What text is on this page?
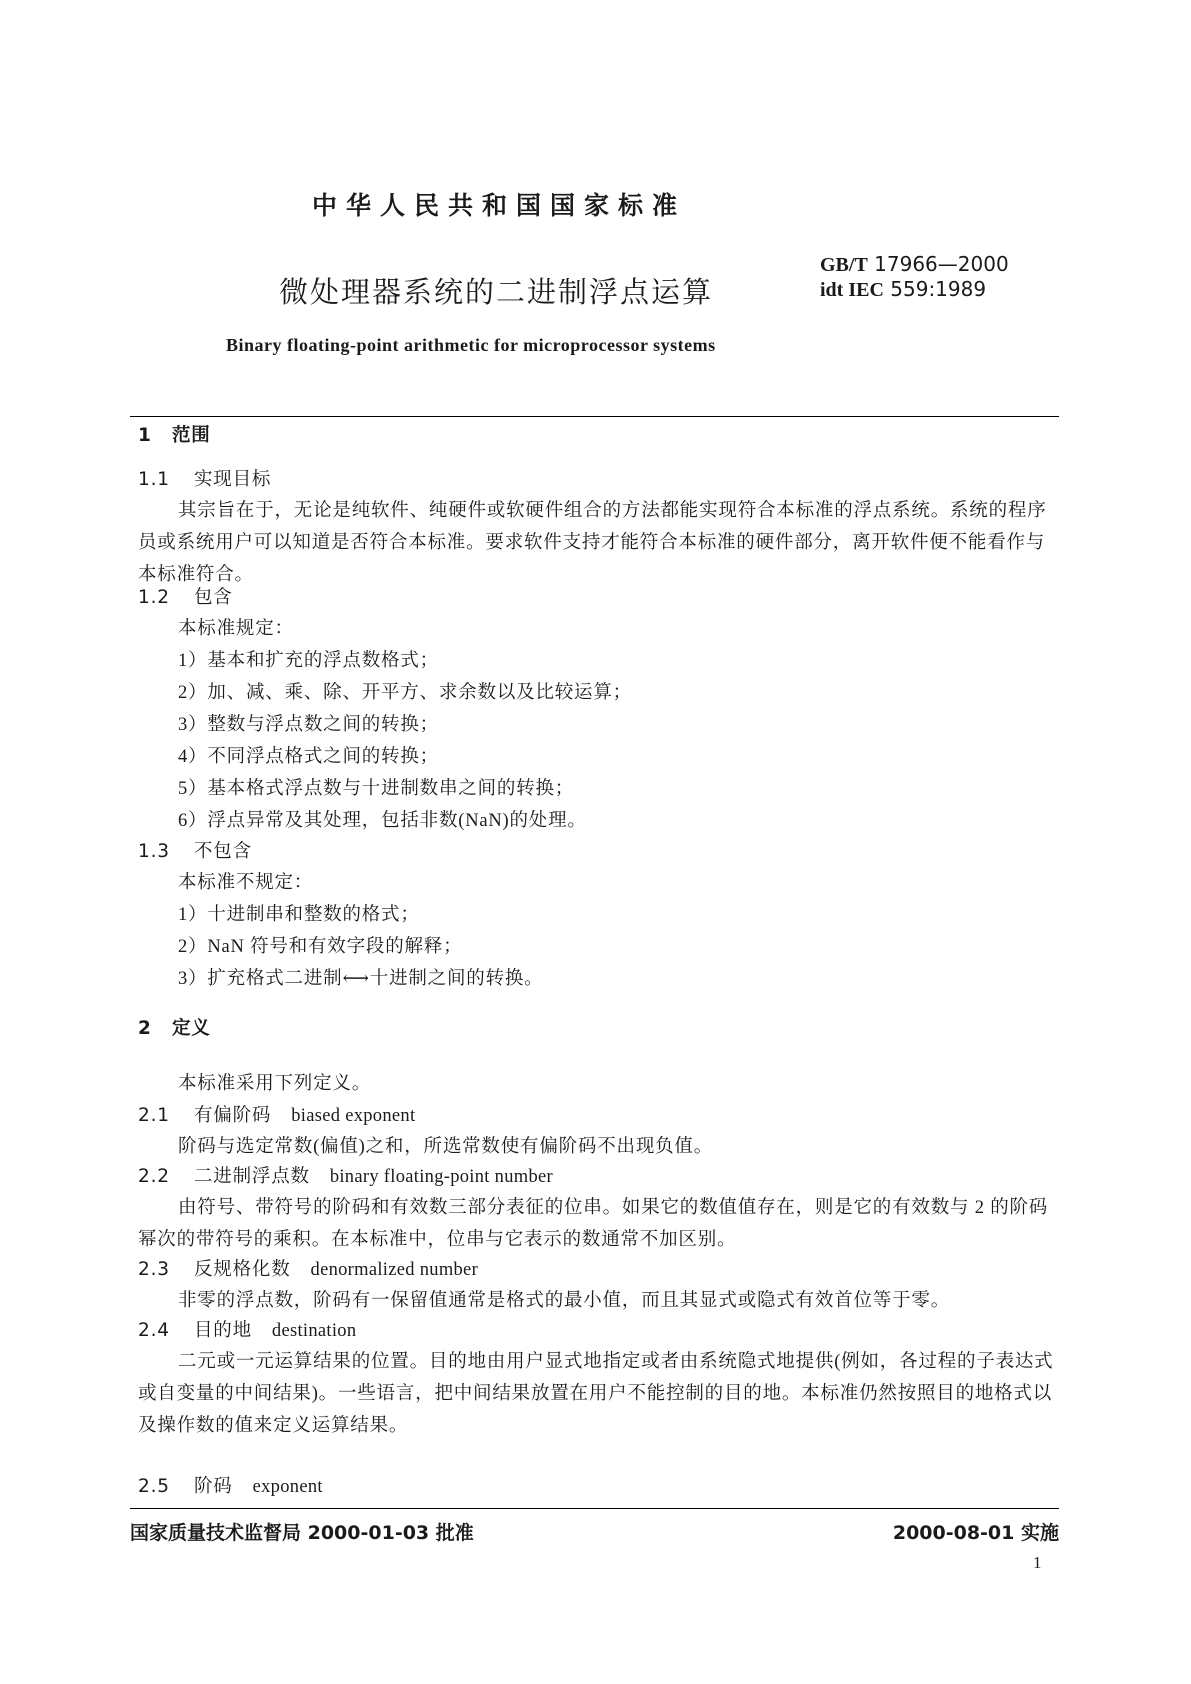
中华人民共和国国家标准
微处理器系统的二进制浮点运算
GB/T 17966—2000
idt IEC 559:1989
Binary floating-point arithmetic for microprocessor systems
1 范围
1.1 实现目标

其宗旨在于，无论是纯软件、纯硬件或软硬件组合的方法都能实现符合本标准的浮点系统。系统的程序员或系统用户可以知道是否符合本标准。要求软件支持才能符合本标准的硬件部分，离开软件便不能看作与本标准符合。

1.2 包含
本标准规定：
1）基本和扩充的浮点数格式；
2）加、减、乘、除、开平方、求余数以及比较运算；
3）整数与浮点数之间的转换；
4）不同浮点格式之间的转换；
5）基本格式浮点数与十进制数串之间的转换；
6）浮点异常及其处理，包括非数(NaN)的处理。
1.3 不包含
本标准不规定：
1）十进制串和整数的格式；
2）NaN 符号和有效字段的解释；
3）扩充格式二进制⟷十进制之间的转换。
2 定义
本标准采用下列定义。
2.1 有偏阶码 biased exponent

阶码与选定常数(偏值)之和，所选常数使有偏阶码不出现负值。

2.2 二进制浮点数 binary floating-point number

由符号、带符号的阶码和有效数三部分表征的位串。如果它的数值值存在，则是它的有效数与 2 的阶码幂次的带符号的乘积。在本标准中，位串与它表示的数通常不加区别。

2.3 反规格化数 denormalized number

非零的浮点数，阶码有一保留值通常是格式的最小值，而且其显式或隐式有效首位等于零。

2.4 目的地 destination

二元或一元运算结果的位置。目的地由用户显式地指定或者由系统隐式地提供(例如，各过程的子表达式或自变量的中间结果)。一些语言，把中间结果放置在用户不能控制的目的地。本标准仍然按照目的地格式以及操作数的值来定义运算结果。

2.5 阶码 exponent
国家质量技术监督局 2000-01-03 批准	2000-08-01 实施
1
